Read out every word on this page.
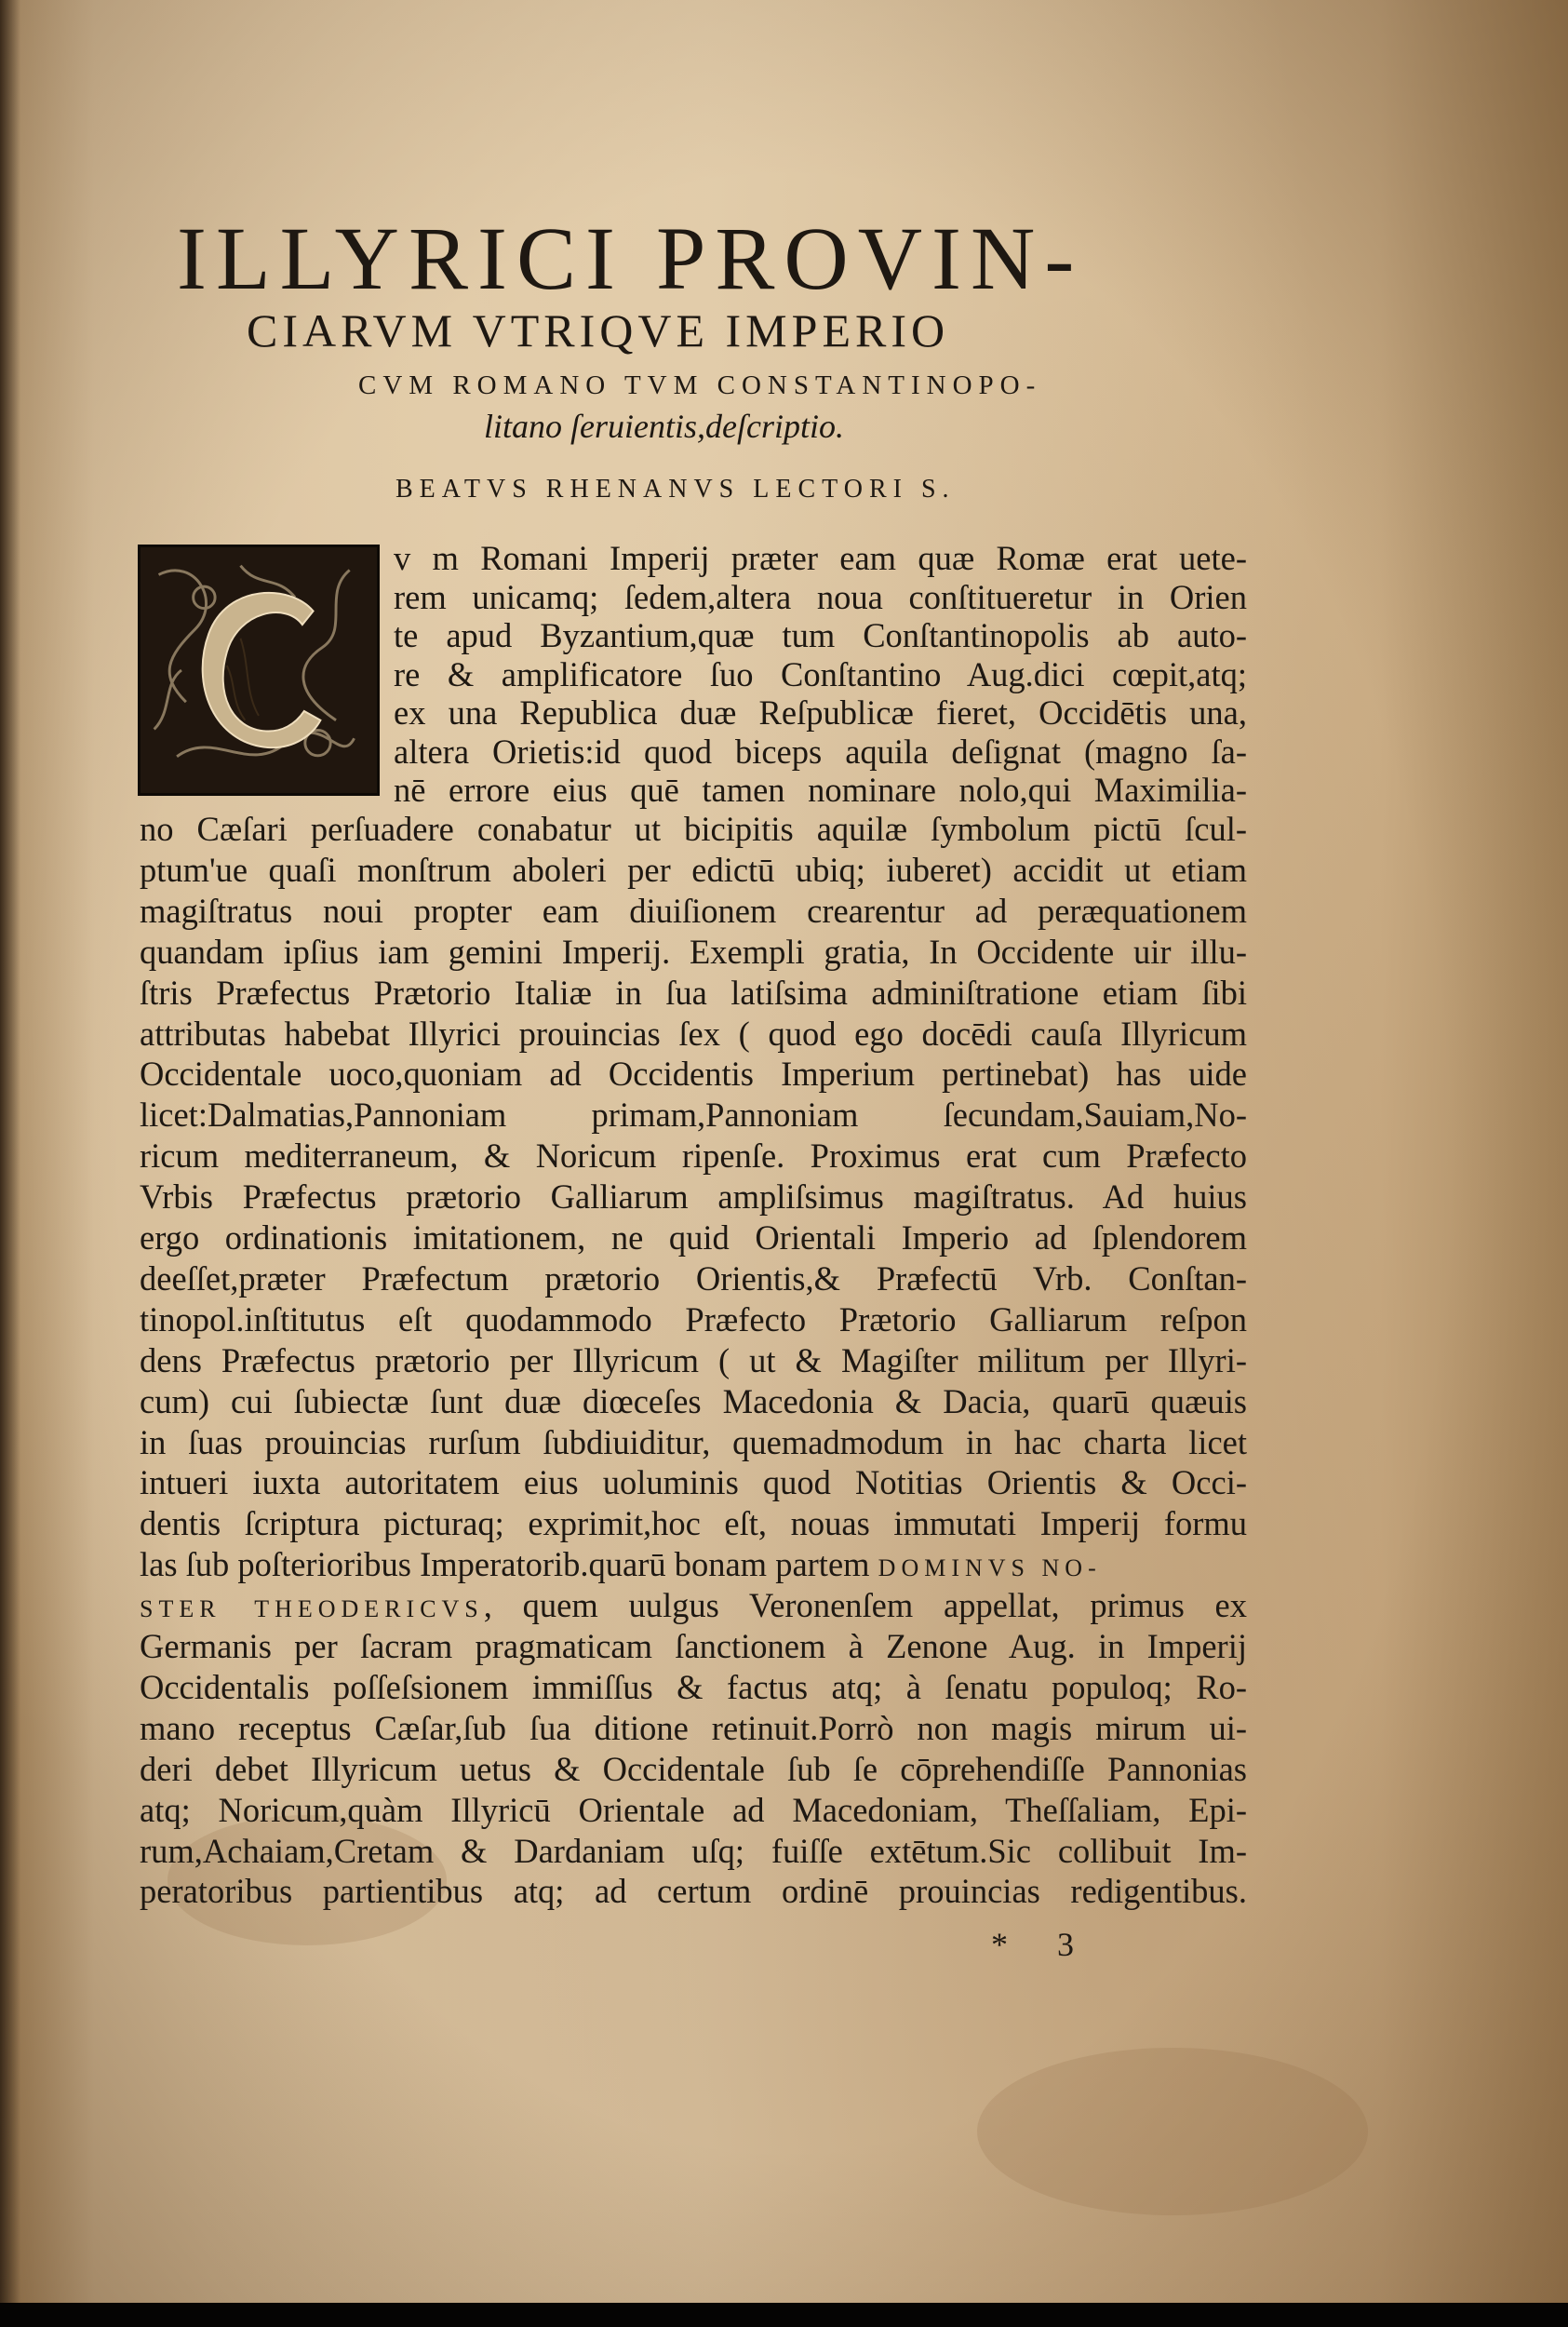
ILLYRICI PROVIN-
CIARVM VTRIQVE IMPERIO
CVM ROMANO TVM CONSTANTINOPO-
litano ſeruientis,deſcriptio.
BEATVS RHENANVS LECTORI S.
v m Romani Imperij præter eam quæ Romæ erat uete-
rem unicamq; ſedem,altera noua conſtitueretur in Orien
te apud Byzantium,quæ tum Conſtantinopolis ab auto-
re & amplificatore ſuo Conſtantino Aug.dici cœpit,atq;
ex una Republica duæ Reſpublicæ fieret, Occidētis una,
altera Orietis:id quod biceps aquila deſignat (magno ſa-
nē errore eius quē tamen nominare nolo,qui Maximilia-
no Cæſari perſuadere conabatur ut bicipitis aquilæ ſymbolum pictū ſcul-
ptum'ue quaſi monſtrum aboleri per edictū ubiq; iuberet) accidit ut etiam
magiſtratus noui propter eam diuiſionem crearentur ad peræquationem
quandam ipſius iam gemini Imperij. Exempli gratia, In Occidente uir illu-
ſtris Præfectus Prætorio Italiæ in ſua latiſsima adminiſtratione etiam ſibi
attributas habebat Illyrici prouincias ſex ( quod ego docēdi cauſa Illyricum
Occidentale uoco,quoniam ad Occidentis Imperium pertinebat) has uide
licet:Dalmatias,Pannoniam primam,Pannoniam ſecundam,Sauiam,No-
ricum mediterraneum, & Noricum ripenſe. Proximus erat cum Præfecto
Vrbis Præfectus prætorio Galliarum ampliſsimus magiſtratus. Ad huius
ergo ordinationis imitationem, ne quid Orientali Imperio ad ſplendorem
deeſſet,præter Præfectum prætorio Orientis,& Præfectū Vrb. Conſtan-
tinopol.inſtitutus eſt quodammodo Præfecto Prætorio Galliarum reſpon
dens Præfectus prætorio per Illyricum ( ut & Magiſter militum per Illyri-
cum) cui ſubiectæ ſunt duæ diœceſes Macedonia & Dacia, quarū quæuis
in ſuas prouincias rurſum ſubdiuiditur, quemadmodum in hac charta licet
intueri iuxta autoritatem eius uoluminis quod Notitias Orientis & Occi-
dentis ſcriptura picturaq; exprimit,hoc eſt, nouas immutati Imperij formu
las ſub poſterioribus Imperatorib.quarū bonam partem DOMINVS NO-
STER THEODERICVS, quem uulgus Veronenſem appellat, primus ex
Germanis per ſacram pragmaticam ſanctionem à Zenone Aug. in Imperij
Occidentalis poſſeſsionem immiſſus & factus atq; à ſenatu populoq; Ro-
mano receptus Cæſar,ſub ſua ditione retinuit.Porrò non magis mirum ui-
deri debet Illyricum uetus & Occidentale ſub ſe cōprehendiſſe Pannonias
atq; Noricum,quàm Illyricū Orientale ad Macedoniam, Theſſaliam, Epi-
rum,Achaiam,Cretam & Dardaniam uſq; fuiſſe extētum.Sic collibuit Im-
peratoribus partientibus atq; ad certum ordinē prouincias redigentibus.
* 3
